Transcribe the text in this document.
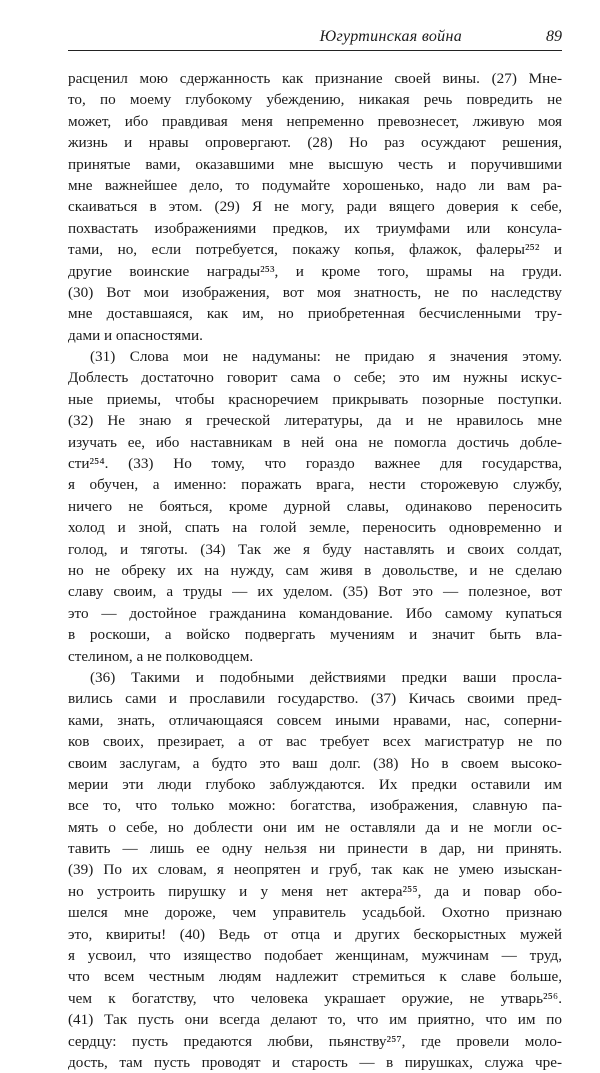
Югуртинская война	89
расценил мою сдержанность как признание своей вины. (27) Мне-
то, по моему глубокому убеждению, никакая речь повредить не
может, ибо правдивая меня непременно превознесет, лживую моя
жизнь и нравы опровергают. (28) Но раз осуждают решения,
принятые вами, оказавшими мне высшую честь и поручившими
мне важнейшее дело, то подумайте хорошенько, надо ли вам ра-
скаиваться в этом. (29) Я не могу, ради вящего доверия к себе,
похвастать изображениями предков, их триумфами или консула-
тами, но, если потребуется, покажу копья, флажок, фалеры²⁵² и
другие воинские награды²⁵³, и кроме того, шрамы на груди.
(30) Вот мои изображения, вот моя знатность, не по наследству
мне доставшаяся, как им, но приобретенная бесчисленными тру-
дами и опасностями.
(31) Слова мои не надуманы: не придаю я значения этому.
Доблесть достаточно говорит сама о себе; это им нужны искус-
ные приемы, чтобы красноречием прикрывать позорные поступки.
(32) Не знаю я греческой литературы, да и не нравилось мне
изучать ее, ибо наставникам в ней она не помогла достичь добле-
сти²⁵⁴. (33) Но тому, что гораздо важнее для государства,
я обучен, а именно: поражать врага, нести сторожевую службу,
ничего не бояться, кроме дурной славы, одинаково переносить
холод и зной, спать на голой земле, переносить одновременно и
голод, и тяготы. (34) Так же я буду наставлять и своих солдат,
но не обреку их на нужду, сам живя в довольстве, и не сделаю
славу своим, а труды — их уделом. (35) Вот это — полезное, вот
это — достойное гражданина командование. Ибо самому купаться
в роскоши, а войско подвергать мучениям и значит быть вла-
стелином, а не полководцем.
(36) Такими и подобными действиями предки ваши просла-
вились сами и прославили государство. (37) Кичась своими пред-
ками, знать, отличающаяся совсем иными нравами, нас, соперни-
ков своих, презирает, а от вас требует всех магистратур не по
своим заслугам, а будто это ваш долг. (38) Но в своем высоко-
мерии эти люди глубоко заблуждаются. Их предки оставили им
все то, что только можно: богатства, изображения, славную па-
мять о себе, но доблести они им не оставляли да и не могли ос-
тавить — лишь ее одну нельзя ни принести в дар, ни принять.
(39) По их словам, я неопрятен и груб, так как не умею изыскан-
но устроить пирушку и у меня нет актера²⁵⁵, да и повар обо-
шелся мне дороже, чем управитель усадьбой. Охотно признаю
это, квириты! (40) Ведь от отца и других бескорыстных мужей
я усвоил, что изящество подобает женщинам, мужчинам — труд,
что всем честным людям надлежит стремиться к славе больше,
чем к богатству, что человека украшает оружие, не утварь²⁵⁶.
(41) Так пусть они всегда делают то, что им приятно, что им по
сердцу: пусть предаются любви, пьянству²⁵⁷, где провели моло-
дость, там пусть проводят и старость — в пирушках, служа чре-
